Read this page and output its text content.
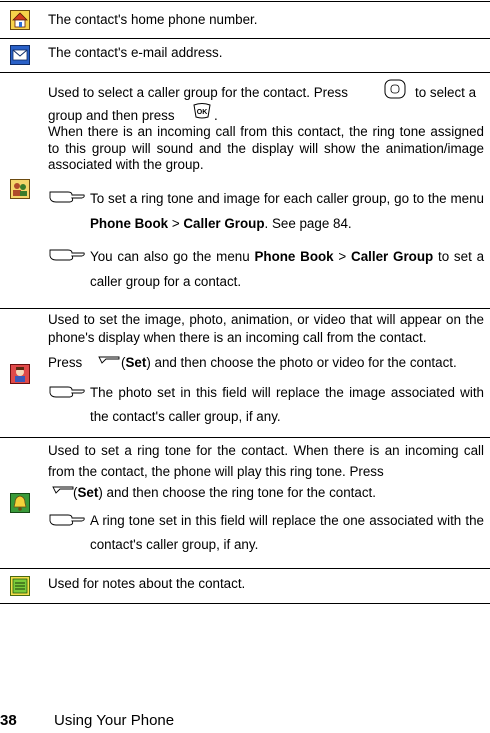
The contact's home phone number.
The contact's e-mail address.
Used to select a caller group for the contact. Press	to select a
group and then press	OK .
When there is an incoming call from this contact, the ring tone assigned to this group will sound and the display will show the animation/image associated with the group.
To set a ring tone and image for each caller group, go to the menu Phone Book > Caller Group. See page 84.
You can also go the menu Phone Book > Caller Group to set a caller group for a contact.
Used to set the image, photo, animation, or video that will appear on the phone's display when there is an incoming call from the contact.
Press	(Set) and then choose the photo or video for the contact.
The photo set in this field will replace the image associated with the contact's caller group, if any.
Used to set a ring tone for the contact. When there is an incoming call from the contact, the phone will play this ring tone. Press
(Set) and then choose the ring tone for the contact.
A ring tone set in this field will replace the one associated with the contact's caller group, if any.
Used for notes about the contact.
38 Using Your Phone
